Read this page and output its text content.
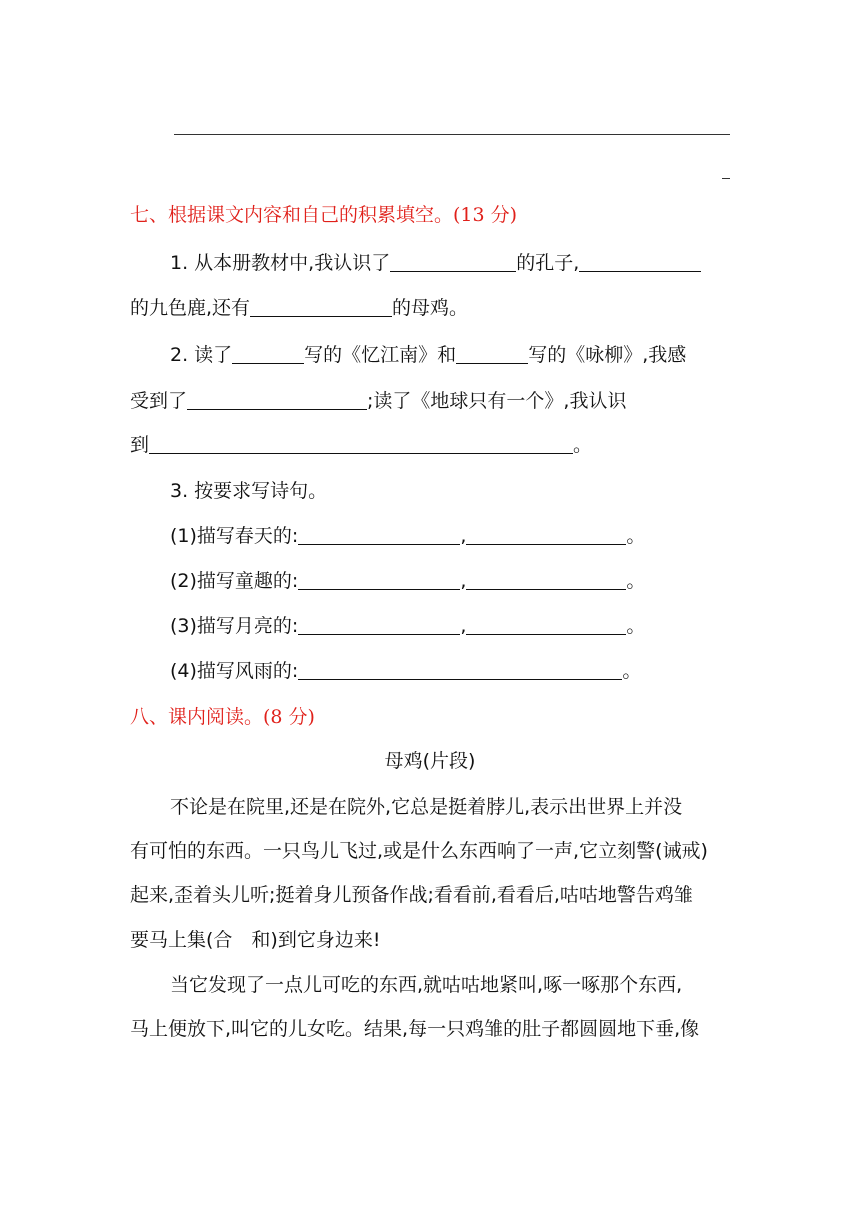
七、根据课文内容和自己的积累填空。(13 分)
1. 从本册教材中,我认识了	的孔子,
的九色鹿,还有	的母鸡。
2. 读了	写的《忆江南》和	写的《咏柳》,我感
受到了	;读了《地球只有一个》,我认识
到	。
3. 按要求写诗句。
(1)描写春天的:	,	。
(2)描写童趣的:	,	。
(3)描写月亮的:	,	。
(4)描写风雨的:	。
八、课内阅读。(8 分)
母鸡(片段)
不论是在院里,还是在院外,它总是挺着脖儿,表示出世界上并没
有可怕的东西。一只鸟儿飞过,或是什么东西响了一声,它立刻警(诫戒)
起来,歪着头儿听;挺着身儿预备作战;看看前,看看后,咕咕地警告鸡雏
要马上集(合　和)到它身边来!
当它发现了一点儿可吃的东西,就咕咕地紧叫,啄一啄那个东西,
马上便放下,叫它的儿女吃。结果,每一只鸡雏的肚子都圆圆地下垂,像
